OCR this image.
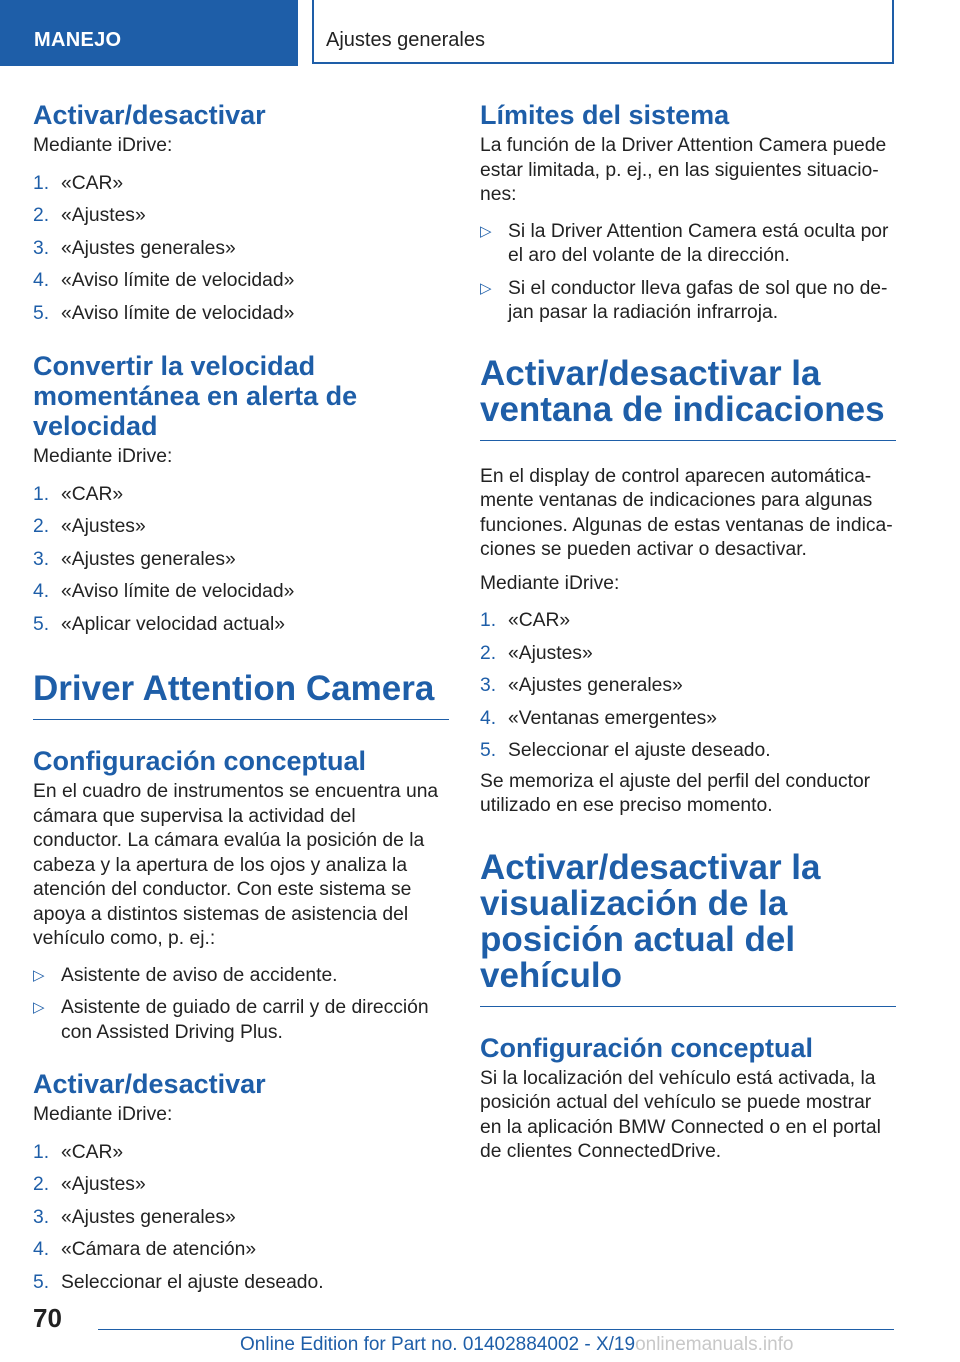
MANEJO	Ajustes generales
Activar/desactivar

Mediante iDrive:

1. «CAR»
2. «Ajustes»
3. «Ajustes generales»
4. «Aviso límite de velocidad»
5. «Aviso límite de velocidad»
Convertir la velocidad momentánea en alerta de velocidad

Mediante iDrive:

1. «CAR»
2. «Ajustes»
3. «Ajustes generales»
4. «Aviso límite de velocidad»
5. «Aplicar velocidad actual»
Driver Attention Camera
Configuración conceptual

En el cuadro de instrumentos se encuentra una cámara que supervisa la actividad del conductor. La cámara evalúa la posición de la cabeza y la apertura de los ojos y analiza la atención del conductor. Con este sistema se apoya a distintos sistemas de asistencia del vehículo como, p. ej.:

▷ Asistente de aviso de accidente.
▷ Asistente de guiado de carril y de dirección con Assisted Driving Plus.
Activar/desactivar

Mediante iDrive:

1. «CAR»
2. «Ajustes»
3. «Ajustes generales»
4. «Cámara de atención»
5. Seleccionar el ajuste deseado.
Límites del sistema

La función de la Driver Attention Camera puede estar limitada, p. ej., en las siguientes situaciones:

▷ Si la Driver Attention Camera está oculta por el aro del volante de la dirección.
▷ Si el conductor lleva gafas de sol que no dejan pasar la radiación infrarroja.
Activar/desactivar la ventana de indicaciones

En el display de control aparecen automáticamente ventanas de indicaciones para algunas funciones. Algunas de estas ventanas de indicaciones se pueden activar o desactivar.

Mediante iDrive:

1. «CAR»
2. «Ajustes»
3. «Ajustes generales»
4. «Ventanas emergentes»
5. Seleccionar el ajuste deseado.

Se memoriza el ajuste del perfil del conductor utilizado en ese preciso momento.

Activar/desactivar la visualización de la posición actual del vehículo
Configuración conceptual

Si la localización del vehículo está activada, la posición actual del vehículo se puede mostrar en la aplicación BMW Connected o en el portal de clientes ConnectedDrive.

70
Online Edition for Part no. 01402884002 - X/19onlinemanuals.info
